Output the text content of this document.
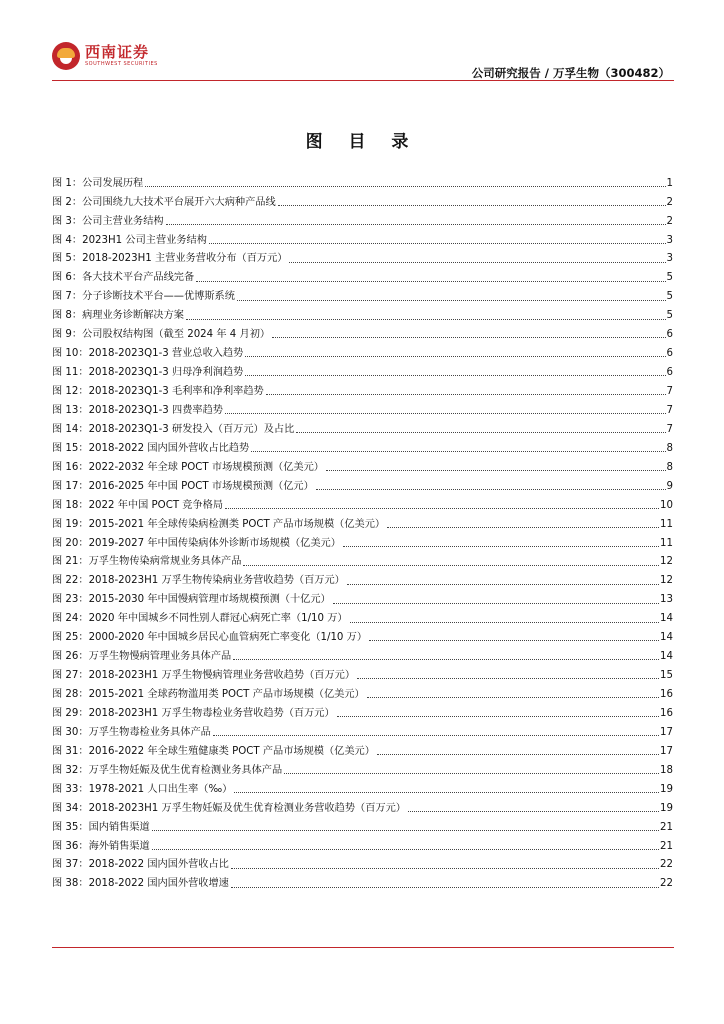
西南证券
SOUTHWEST SECURITIES
公司研究报告 / 万孚生物（300482）
图 目 录
图 1：公司发展历程	1
图 2：公司围绕九大技术平台展开六大病种产品线	2
图 3：公司主营业务结构	2
图 4：2023H1 公司主营业务结构	3
图 5：2018-2023H1 主营业务营收分布（百万元）	3
图 6：各大技术平台产品线完备	5
图 7：分子诊断技术平台——优博斯系统	5
图 8：病理业务诊断解决方案	5
图 9：公司股权结构图（截至 2024 年 4 月初）	6
图 10：2018-2023Q1-3 营业总收入趋势	6
图 11：2018-2023Q1-3 归母净利润趋势	6
图 12：2018-2023Q1-3 毛利率和净利率趋势	7
图 13：2018-2023Q1-3 四费率趋势	7
图 14：2018-2023Q1-3 研发投入（百万元）及占比	7
图 15：2018-2022 国内国外营收占比趋势	8
图 16：2022-2032 年全球 POCT 市场规模预测（亿美元）	8
图 17：2016-2025 年中国 POCT 市场规模预测（亿元）	9
图 18：2022 年中国 POCT 竞争格局	10
图 19：2015-2021 年全球传染病检测类 POCT 产品市场规模（亿美元）	11
图 20：2019-2027 年中国传染病体外诊断市场规模（亿美元）	11
图 21：万孚生物传染病常规业务具体产品	12
图 22：2018-2023H1 万孚生物传染病业务营收趋势（百万元）	12
图 23：2015-2030 年中国慢病管理市场规模预测（十亿元）	13
图 24：2020 年中国城乡不同性别人群冠心病死亡率（1/10 万）	14
图 25：2000-2020 年中国城乡居民心血管病死亡率变化（1/10 万）	14
图 26：万孚生物慢病管理业务具体产品	14
图 27：2018-2023H1 万孚生物慢病管理业务营收趋势（百万元）	15
图 28：2015-2021 全球药物滥用类 POCT 产品市场规模（亿美元）	16
图 29：2018-2023H1 万孚生物毒检业务营收趋势（百万元）	16
图 30：万孚生物毒检业务具体产品	17
图 31：2016-2022 年全球生殖健康类 POCT 产品市场规模（亿美元）	17
图 32：万孚生物妊娠及优生优育检测业务具体产品	18
图 33：1978-2021 人口出生率（‰）	19
图 34：2018-2023H1 万孚生物妊娠及优生优育检测业务营收趋势（百万元）	19
图 35：国内销售渠道	21
图 36：海外销售渠道	21
图 37：2018-2022 国内国外营收占比	22
图 38：2018-2022 国内国外营收增速	22
